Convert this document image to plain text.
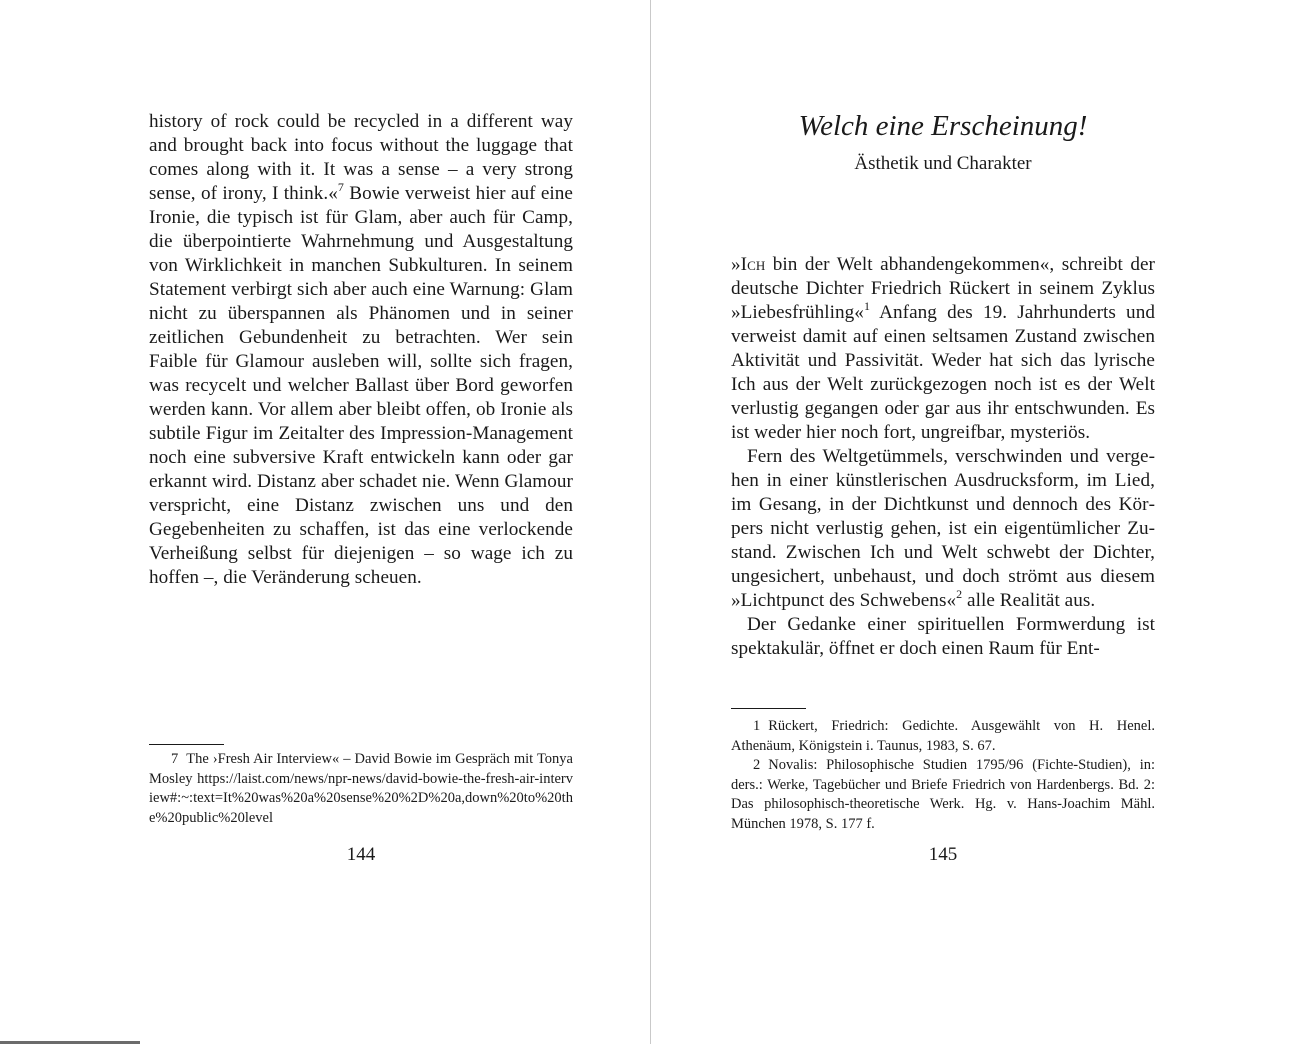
history of rock could be recycled in a different way and brought back into focus without the luggage that comes along with it. It was a sense – a very strong sense, of irony, I think.«$^7$ Bowie verweist hier auf eine Ironie, die typisch ist für Glam, aber auch für Camp, die überpointierte Wahrnehmung und Ausgestaltung von Wirklichkeit in manchen Subkulturen. In seinem Statement verbirgt sich aber auch eine Warnung: Glam nicht zu überspannen als Phänomen und in seiner zeitlichen Gebundenheit zu betrachten. Wer sein Faible für Glamour ausleben will, sollte sich fragen, was recycelt und welcher Ballast über Bord geworfen werden kann. Vor allem aber bleibt offen, ob Ironie als subtile Figur im Zeitalter des Impression-Management noch eine subversive Kraft entwickeln kann oder gar erkannt wird. Distanz aber schadet nie. Wenn Glamour verspricht, eine Distanz zwischen uns und den Gegebenheiten zu schaffen, ist das eine verlockende Verheißung selbst für diejenigen – so wage ich zu hoffen –, die Veränderung scheuen.

7 The ›Fresh Air Interview« – David Bowie im Gespräch mit Tonya Mosley https://laist.com/news/npr-news/david-bowie-the-fresh-air-interview#:~:text=It%20was%20a%20sense%20%2D%20a,down%20to%20the%20public%20level

144
Welch eine Erscheinung!
Ästhetik und Charakter

»Ich bin der Welt abhandengekommen«, schreibt der deutsche Dichter Friedrich Rückert in seinem Zyklus »Liebesfrühling«$^1$ Anfang des 19. Jahrhunderts und verweist damit auf einen seltsamen Zustand zwischen Aktivität und Passivität. Weder hat sich das lyrische Ich aus der Welt zurückgezogen noch ist es der Welt verlustig gegangen oder gar aus ihr entschwunden. Es ist weder hier noch fort, ungreifbar, mysteriös.

Fern des Weltgetümmels, verschwinden und vergehen in einer künstlerischen Ausdrucksform, im Lied, im Gesang, in der Dichtkunst und dennoch des Körpers nicht verlustig gehen, ist ein eigentümlicher Zustand. Zwischen Ich und Welt schwebt der Dichter, ungesichert, unbehaust, und doch strömt aus diesem »Lichtpunct des Schwebens«$^2$ alle Realität aus.

Der Gedanke einer spirituellen Formwerdung ist spektakulär, öffnet er doch einen Raum für Ent-

1 Rückert, Friedrich: Gedichte. Ausgewählt von H. Henel. Athenäum, Königstein i. Taunus, 1983, S. 67.

2 Novalis: Philosophische Studien 1795/96 (Fichte-Studien), in: ders.: Werke, Tagebücher und Briefe Friedrich von Hardenbergs. Bd. 2: Das philosophisch-theoretische Werk. Hg. v. Hans-Joachim Mähl. München 1978, S. 177 f.

145
